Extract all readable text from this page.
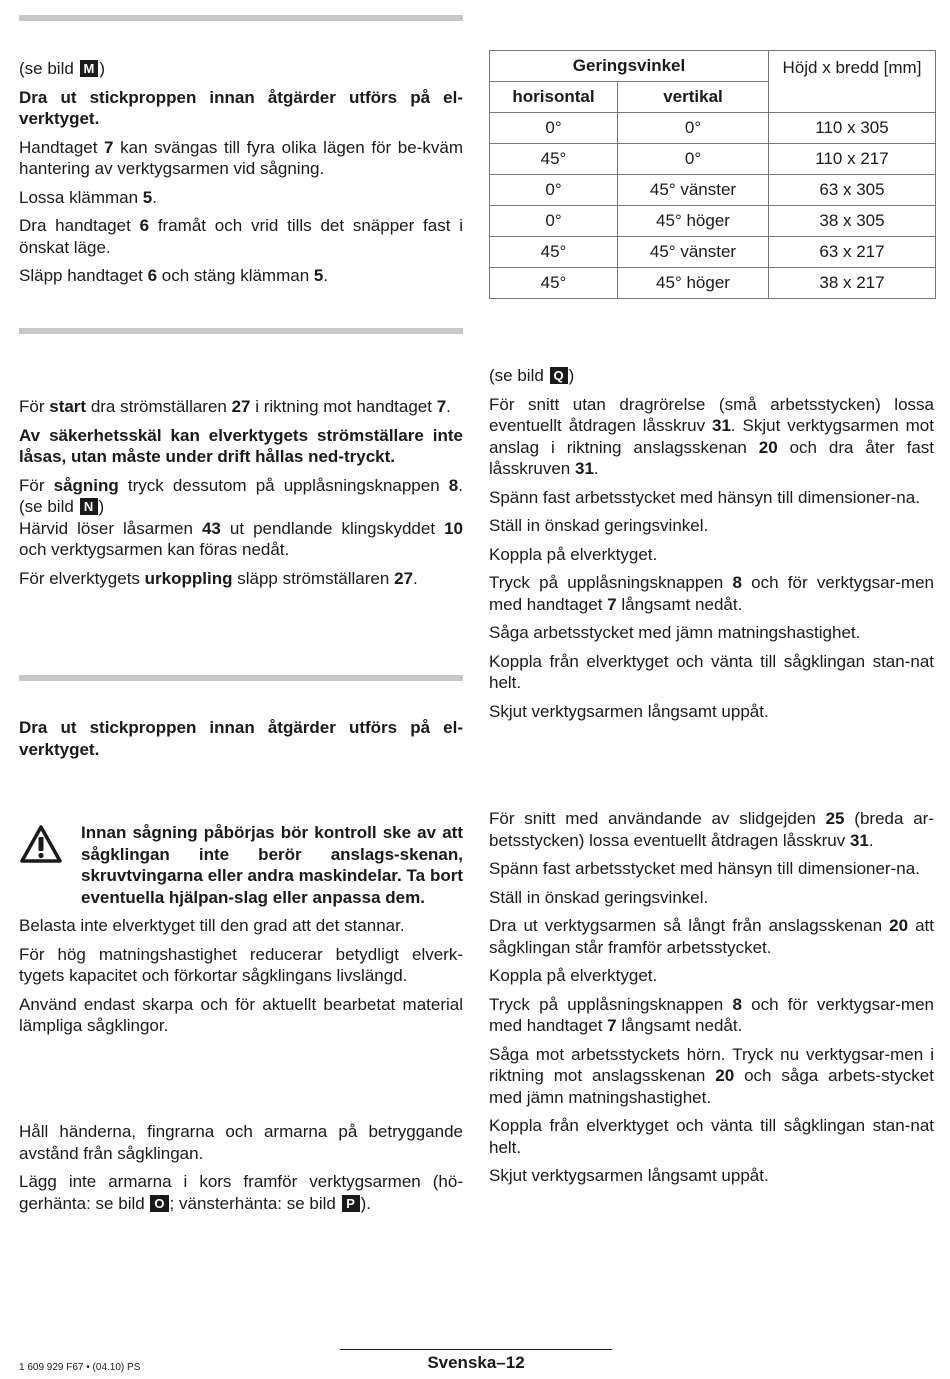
(se bild M )

Dra ut stickproppen innan åtgärder utförs på el-verktyget.

Handtaget 7 kan svängas till fyra olika lägen för be-kväm hantering av verktygsarmen vid sågning.

Lossa klämman 5.

Dra handtaget 6 framåt och vrid tills det snäpper fast i önskat läge.

Släpp handtaget 6 och stäng klämman 5.

Geringsvinkel		Höjd x bredd [mm]
horisontal	vertikal	
0°	0°	110 x 305
45°	0°	110 x 217
0°	45° vänster	63 x 305
0°	45° höger	38 x 305
45°	45° vänster	63 x 217
45°	45° höger	38 x 217

För start dra strömställaren 27 i riktning mot handtaget 7.

Av säkerhetsskäl kan elverktygets strömställare inte låsas, utan måste under drift hållas ned-tryckt.

För sågning tryck dessutom på upplåsningsknappen 8. (se bild N )
Härvid löser låsarmen 43 ut pendlande klingskyddet 10 och verktygsarmen kan föras nedåt.

För elverktygets urkoppling släpp strömställaren 27.

Dra ut stickproppen innan åtgärder utförs på el-verktyget.

Innan sågning påbörjas bör kontroll ske av att sågklingan inte berör anslags-skenan, skruvtvingarna eller andra maskindelar. Ta bort eventuella hjälpan-slag eller anpassa dem.

Belasta inte elverktyget till den grad att det stannar.

För hög matningshastighet reducerar betydligt elverk-tygets kapacitet och förkortar sågklingans livslängd.

Använd endast skarpa och för aktuellt bearbetat material lämpliga sågklingor.

Håll händerna, fingrarna och armarna på betryggande avstånd från sågklingan.

Lägg inte armarna i kors framför verktygsarmen (hö-gerhänta: se bild O ; vänsterhänta: se bild P ).

(se bild Q )

För snitt utan dragrörelse (små arbetsstycken) lossa eventuellt åtdragen låsskruv 31. Skjut verktygsarmen mot anslag i riktning anslagsskenan 20 och dra åter fast låsskruven 31.

Spänn fast arbetsstycket med hänsyn till dimensioner-na.

Ställ in önskad geringsvinkel.

Koppla på elverktyget.

Tryck på upplåsningsknappen 8 och för verktygsar-men med handtaget 7 långsamt nedåt.

Såga arbetsstycket med jämn matningshastighet.

Koppla från elverktyget och vänta till sågklingan stan-nat helt.

Skjut verktygsarmen långsamt uppåt.

För snitt med användande av slidgejden 25 (breda ar-betsstycken) lossa eventuellt åtdragen låsskruv 31.

Spänn fast arbetsstycket med hänsyn till dimensioner-na.

Ställ in önskad geringsvinkel.

Dra ut verktygsarmen så långt från anslagsskenan 20 att sågklingan står framför arbetsstycket.

Koppla på elverktyget.

Tryck på upplåsningsknappen 8 och för verktygsar-men med handtaget 7 långsamt nedåt.

Såga mot arbetsstyckets hörn. Tryck nu verktygsar-men i riktning mot anslagsskenan 20 och såga arbets-stycket med jämn matningshastighet.

Koppla från elverktyget och vänta till sågklingan stan-nat helt.

Skjut verktygsarmen långsamt uppåt.

1 609 929 F67 • (04.10) PS	Svenska–12
